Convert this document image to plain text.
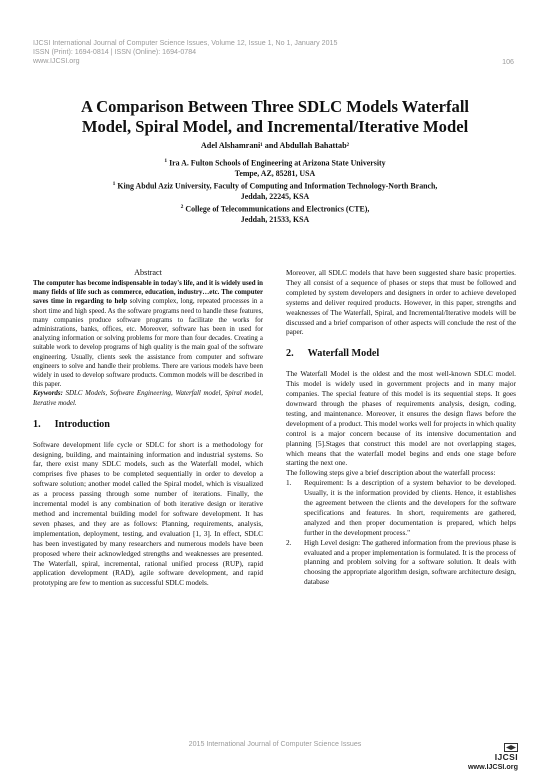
IJCSI International Journal of Computer Science Issues, Volume 12, Issue 1, No 1, January 2015
ISSN (Print): 1694-0814 | ISSN (Online): 1694-0784
www.IJCSI.org	106
A Comparison Between Three SDLC Models Waterfall
Model, Spiral Model, and Incremental/Iterative Model
Adel Alshamrani¹ and Abdullah Bahattab²

$^1$ Ira A. Fulton Schools of Engineering at Arizona State University

Tempe, AZ, 85281, USA

$^1$ King Abdul Aziz University, Faculty of Computing and Information Technology-North Branch,

Jeddah, 22245, KSA

$^2$ College of Telecommunications and Electronics (CTE),

Jeddah, 21533, KSA

Abstract

The computer has become indispensable in today's life, and it is widely used in many fields of life such as commerce, education, industry…etc. The computer saves time in regarding to help solving complex, long, repeated processes in a short time and high speed. As the software programs need to handle these features, many companies produce software programs to facilitate the works for administrations, banks, offices, etc. Moreover, software has been in used for analyzing information or solving problems for more than four decades. Creating a suitable work to develop programs of high quality is the main goal of the software engineering. Usually, clients seek the assistance from computer and software engineers to solve and handle their problems. There are various models have been widely in used to develop software products. Common models will be described in this paper.

Keywords: SDLC Models, Software Engineering, Waterfall model, Spiral model, Iterative model.

1. Introduction

Software development life cycle or SDLC for short is a methodology for designing, building, and maintaining information and industrial systems. So far, there exist many SDLC models, such as the Waterfall model, which comprises five phases to be completed sequentially in order to develop a software solution; another model called the Spiral model, which is visualized as a process passing through some number of iterations. Finally, the incremental model is any combination of both iterative design or iterative method and incremental building model for software development. It has seven phases, and they are as follows: Planning, requirements, analysis, implementation, deployment, testing, and evaluation [1, 3]. In effect, SDLC has been investigated by many researchers and numerous models have been proposed where their acknowledged strengths and weaknesses are presented. The Waterfall, spiral, incremental, rational unified process (RUP), rapid application development (RAD), agile software development, and rapid prototyping are few to mention as successful SDLC models.

Moreover, all SDLC models that have been suggested share basic properties. They all consist of a sequence of phases or steps that must be followed and completed by system developers and designers in order to achieve developed systems and deliver required products. However, in this paper, strengths and weaknesses of The Waterfall, Spiral, and Incremental/Iterative models will be discussed and a brief comparison of other aspects will conclude the rest of the paper.

2. Waterfall Model

The Waterfall Model is the oldest and the most well-known SDLC model. This model is widely used in government projects and in many major companies. The special feature of this model is its sequential steps. It goes downward through the phases of requirements analysis, design, coding, testing, and maintenance. Moreover, it ensures the design flaws before the development of a product. This model works well for projects in which quality control is a major concern because of its intensive documentation and planning [5].Stages that construct this model are not overlapping stages, which means that the waterfall model begins and ends one stage before starting the next one.

The following steps give a brief description about the waterfall process:

1. Requirement: Is a description of a system behavior to be developed. Usually, it is the information provided by clients. Hence, it establishes the agreement between the clients and the developers for the software specifications and features. In short, requirements are gathered, analyzed and then proper documentation is prepared, which helps further in the development process."
2. High Level design: The gathered information from the previous phase is evaluated and a proper implementation is formulated. It is the process of planning and problem solving for a software solution. It deals with choosing the appropriate algorithm design, software architecture design, database
2015 International Journal of Computer Science Issues
IJCSI
www.IJCSI.org
